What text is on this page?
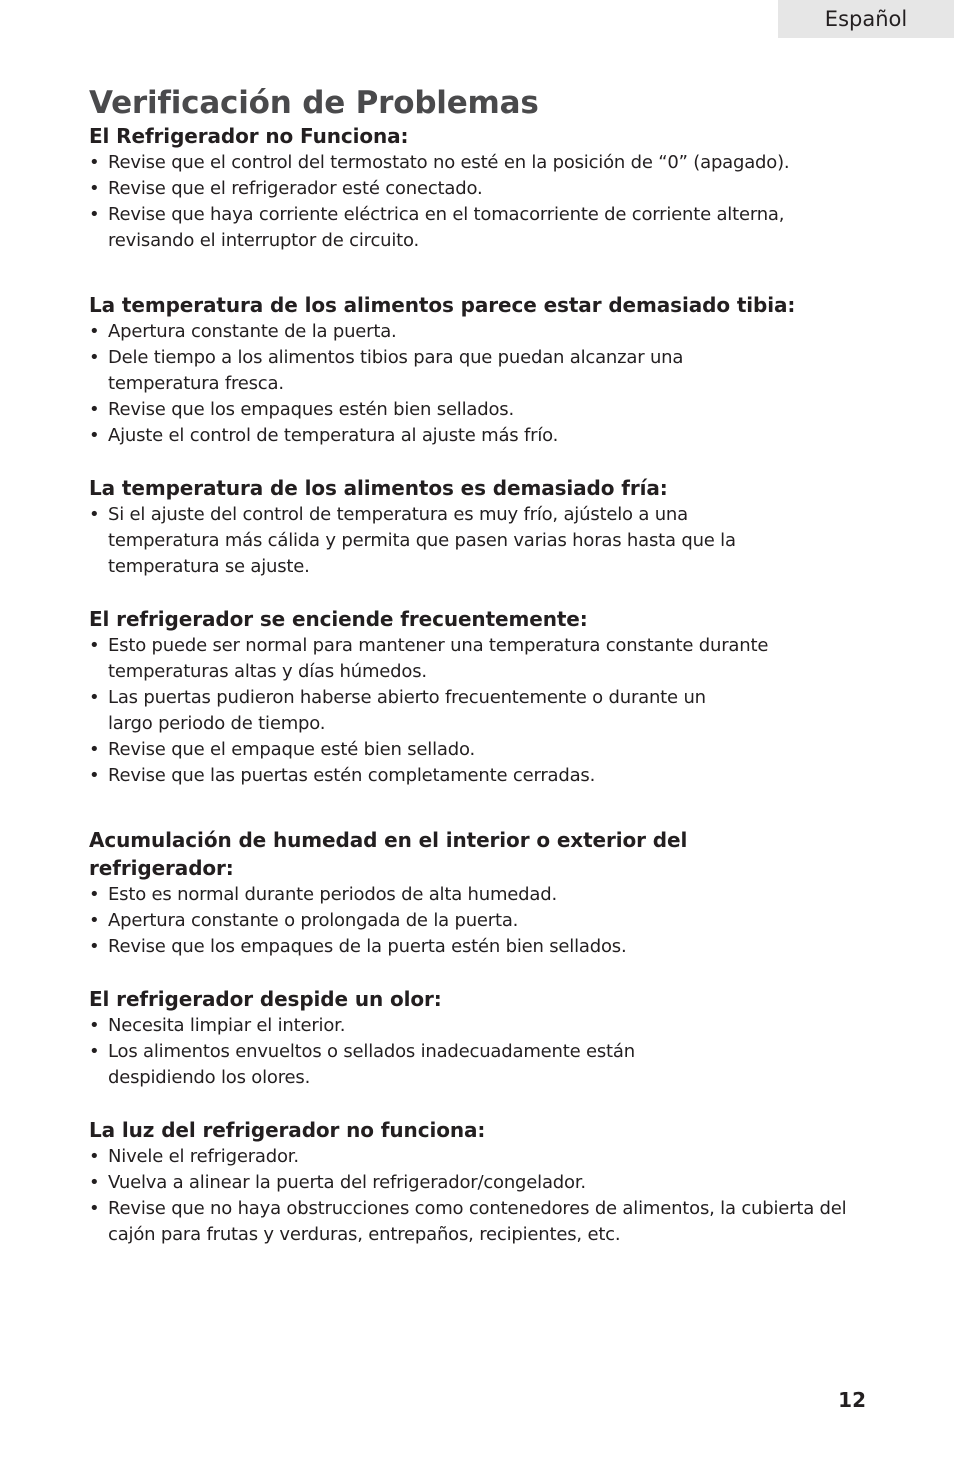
Español
Verificación de Problemas
El Refrigerador no Funciona:
• Revise que el control del termostato no esté en la posición de “0” (apagado).
• Revise que el refrigerador esté conectado.
• Revise que haya corriente eléctrica en el tomacorriente de corriente alterna, revisando el interruptor de circuito.
La temperatura de los alimentos parece estar demasiado tibia:
• Apertura constante de la puerta.
• Dele tiempo a los alimentos tibios para que puedan alcanzar una temperatura fresca.
• Revise que los empaques estén bien sellados.
• Ajuste el control de temperatura al ajuste más frío.
La temperatura de los alimentos es demasiado fría:
• Si el ajuste del control de temperatura es muy frío, ajústelo a una temperatura más cálida y permita que pasen varias horas hasta que la temperatura se ajuste.
El refrigerador se enciende frecuentemente:
• Esto puede ser normal para mantener una temperatura constante durante temperaturas altas y días húmedos.
• Las puertas pudieron haberse abierto frecuentemente o durante un largo periodo de tiempo.
• Revise que el empaque esté bien sellado.
• Revise que las puertas estén completamente cerradas.
Acumulación de humedad en el interior o exterior del refrigerador:
• Esto es normal durante periodos de alta humedad.
• Apertura constante o prolongada de la puerta.
• Revise que los empaques de la puerta estén bien sellados.
El refrigerador despide un olor:
• Necesita limpiar el interior.
• Los alimentos envueltos o sellados inadecuadamente están despidiendo los olores.
La luz del refrigerador no funciona:
• Nivele el refrigerador.
• Vuelva a alinear la puerta del refrigerador/congelador.
• Revise que no haya obstrucciones como contenedores de alimentos, la cubierta del cajón para frutas y verduras, entrepaños, recipientes, etc.
12
